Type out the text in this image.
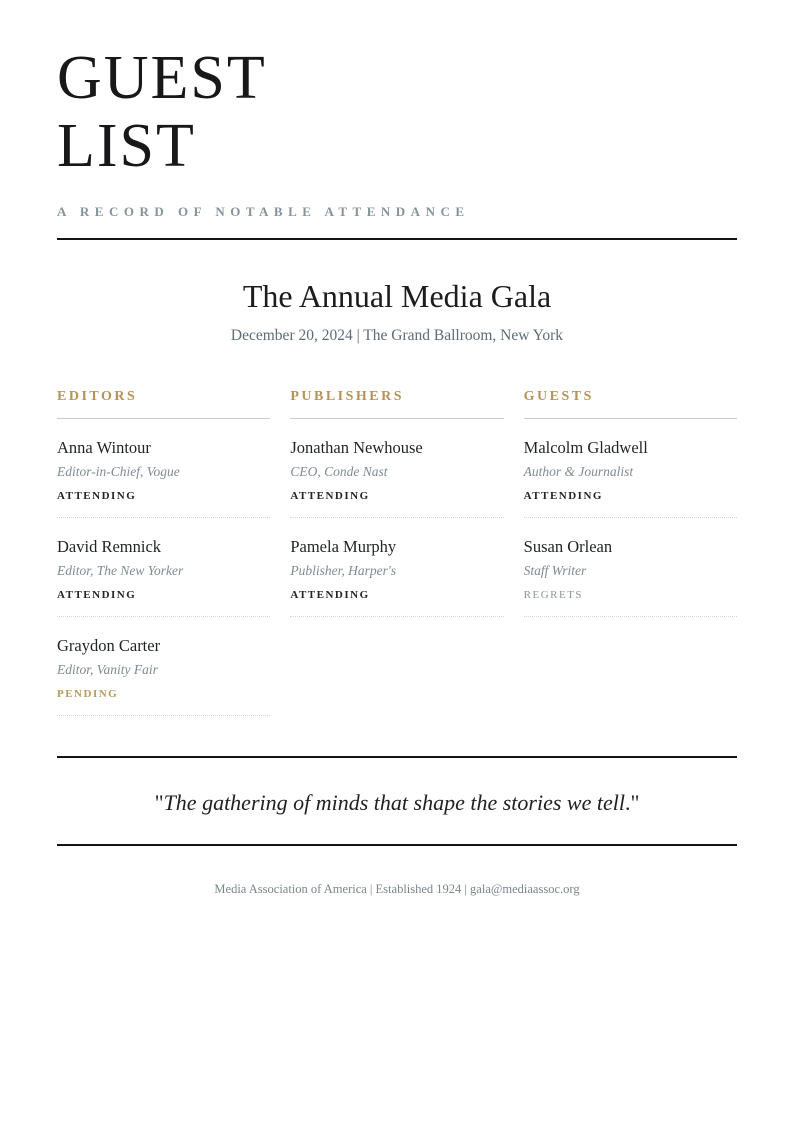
GUEST
LIST
A RECORD OF NOTABLE ATTENDANCE
The Annual Media Gala
December 20, 2024 | The Grand Ballroom, New York
EDITORS
Anna Wintour
Editor-in-Chief, Vogue
ATTENDING
David Remnick
Editor, The New Yorker
ATTENDING
Graydon Carter
Editor, Vanity Fair
PENDING
PUBLISHERS
Jonathan Newhouse
CEO, Conde Nast
ATTENDING
Pamela Murphy
Publisher, Harper's
ATTENDING
GUESTS
Malcolm Gladwell
Author & Journalist
ATTENDING
Susan Orlean
Staff Writer
REGRETS
"The gathering of minds that shape the stories we tell."
Media Association of America | Established 1924 | gala@mediaassoc.org
